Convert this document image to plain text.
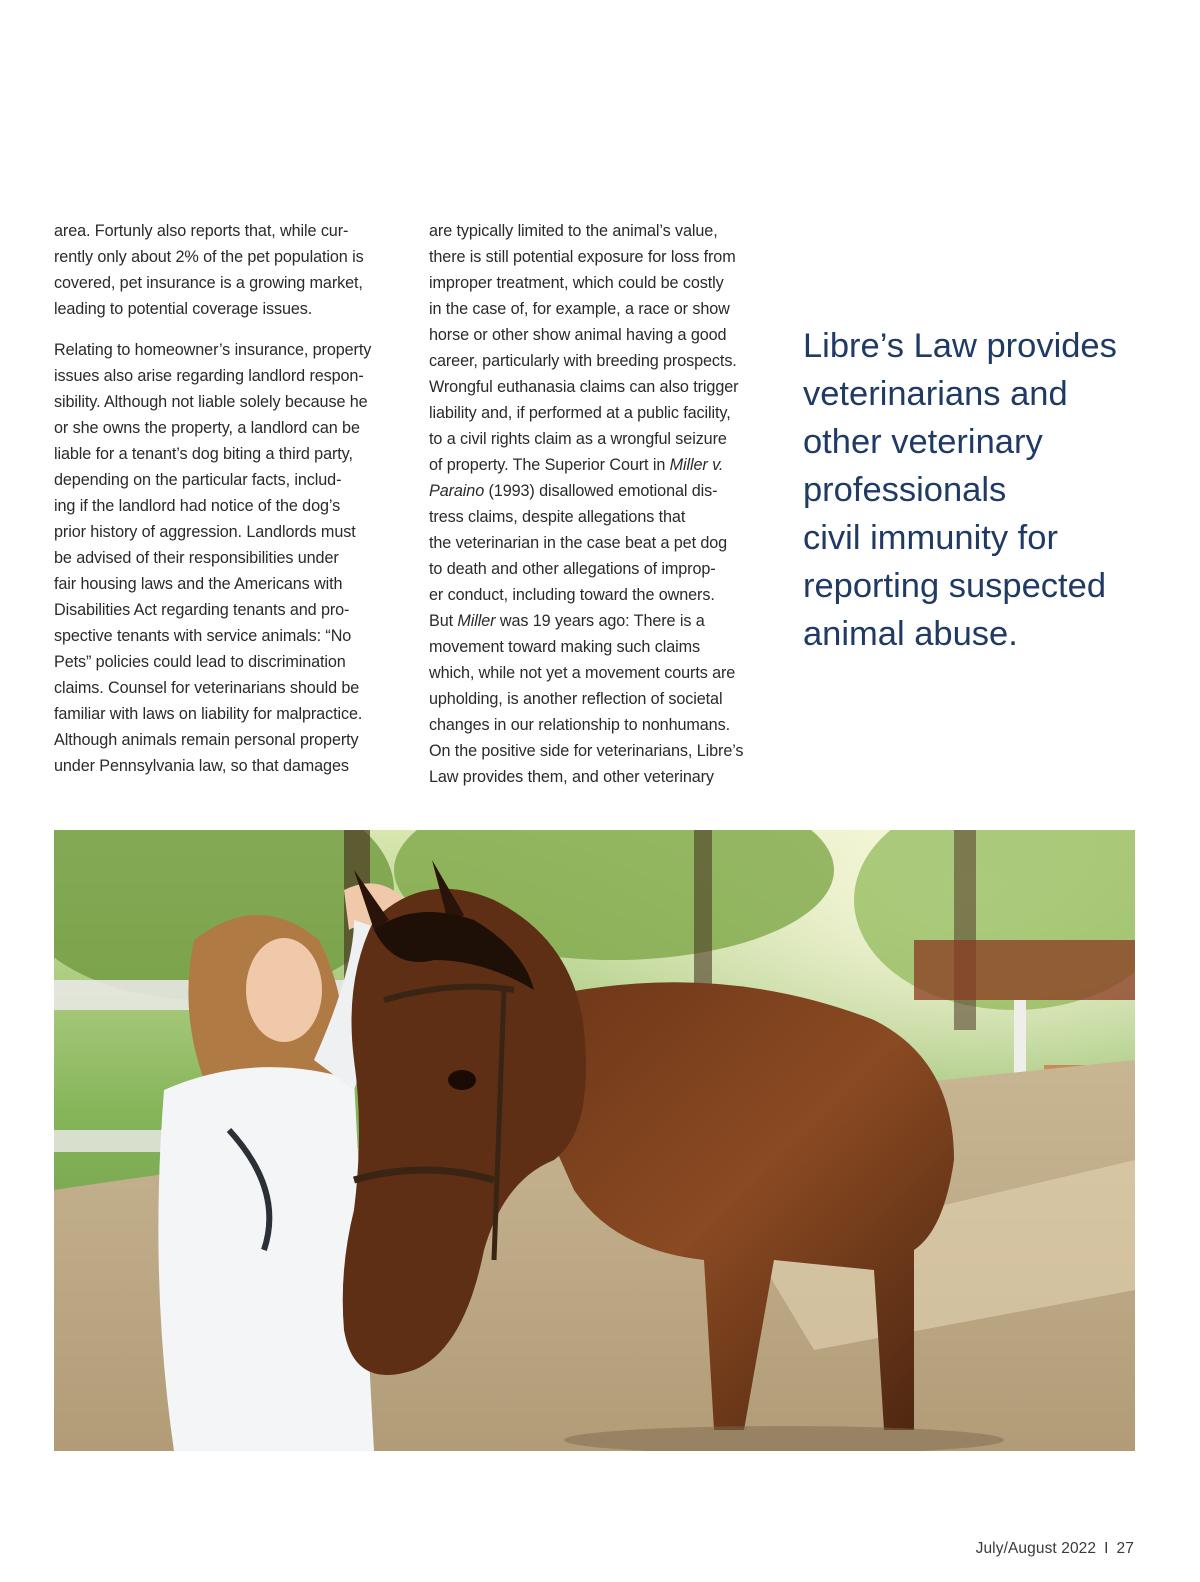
area. Fortunly also reports that, while cur-
rently only about 2% of the pet population is
covered, pet insurance is a growing market,
leading to potential coverage issues.

Relating to homeowner’s insurance, property
issues also arise regarding landlord respon-
sibility. Although not liable solely because he
or she owns the property, a landlord can be
liable for a tenant’s dog biting a third party,
depending on the particular facts, includ-
ing if the landlord had notice of the dog’s
prior history of aggression. Landlords must
be advised of their responsibilities under
fair housing laws and the Americans with
Disabilities Act regarding tenants and pro-
spective tenants with service animals: “No
Pets” policies could lead to discrimination
claims. Counsel for veterinarians should be
familiar with laws on liability for malpractice.
Although animals remain personal property
under Pennsylvania law, so that damages

are typically limited to the animal’s value,
there is still potential exposure for loss from
improper treatment, which could be costly
in the case of, for example, a race or show
horse or other show animal having a good
career, particularly with breeding prospects.
Wrongful euthanasia claims can also trigger
liability and, if performed at a public facility,
to a civil rights claim as a wrongful seizure
of property. The Superior Court in Miller v.
Paraino (1993) disallowed emotional dis-
tress claims, despite allegations that
the veterinarian in the case beat a pet dog
to death and other allegations of improp-
er conduct, including toward the owners.
But Miller was 19 years ago: There is a
movement toward making such claims
which, while not yet a movement courts are
upholding, is another reflection of societal
changes in our relationship to nonhumans.
On the positive side for veterinarians, Libre’s
Law provides them, and other veterinary

Libre’s Law provides
veterinarians and
other veterinary
professionals
civil immunity for
reporting suspected
animal abuse.

July/August 2022 I 27
